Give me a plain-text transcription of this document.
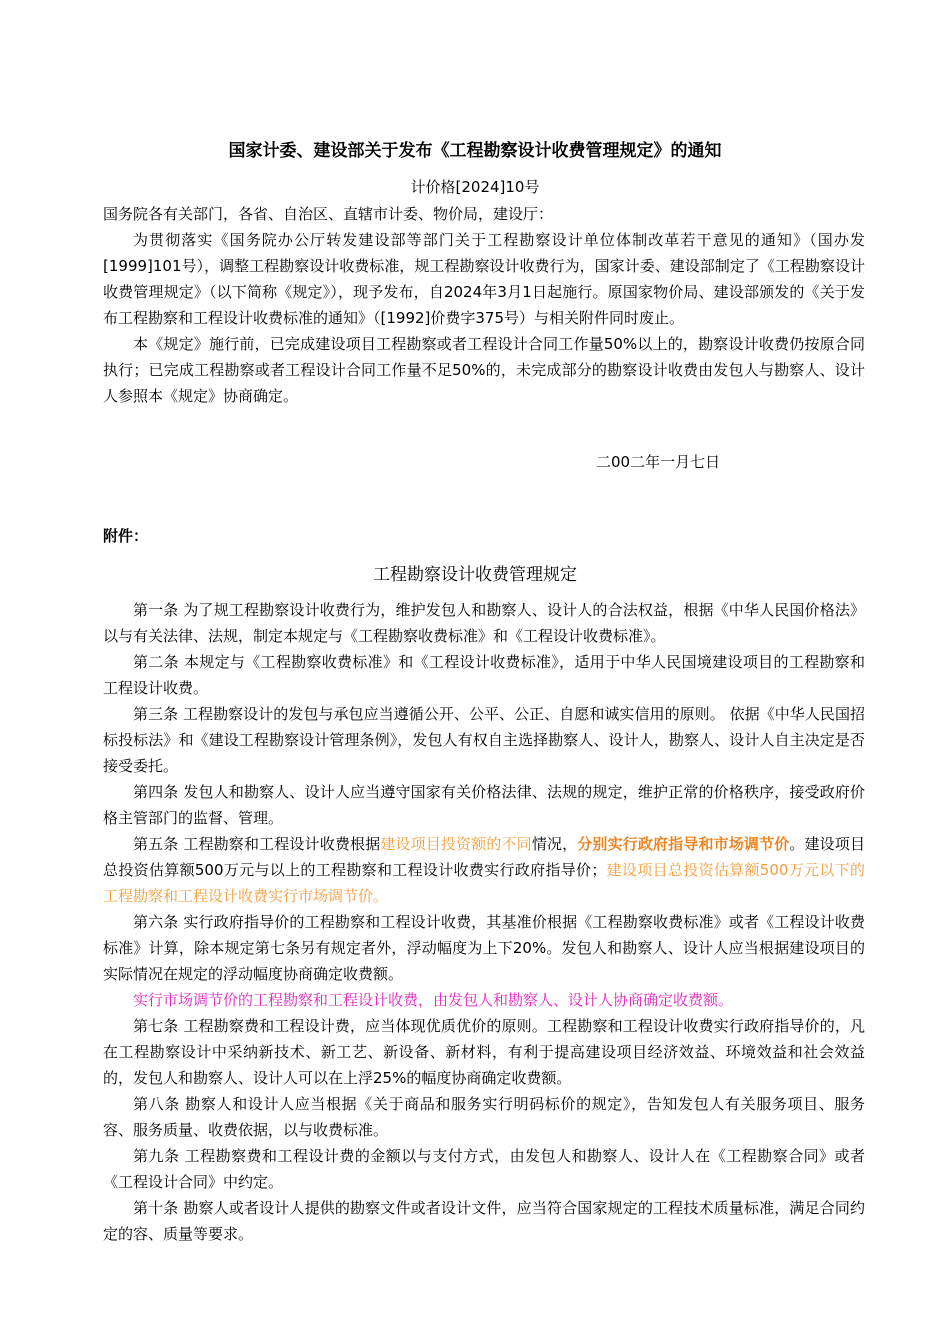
国家计委、建设部关于发布《工程勘察设计收费管理规定》的通知
计价格[2024]10号

国务院各有关部门，各省、自治区、直辖市计委、物价局，建设厅：

为贯彻落实《国务院办公厅转发建设部等部门关于工程勘察设计单位体制改革若干意见的通知》（国办发[1999]101号），调整工程勘察设计收费标准，规工程勘察设计收费行为，国家计委、建设部制定了《工程勘察设计收费管理规定》（以下简称《规定》），现予发布，自2024年3月1日起施行。原国家物价局、建设部颁发的《关于发布工程勘察和工程设计收费标准的通知》（[1992]价费字375号）与相关附件同时废止。

本《规定》施行前，已完成建设项目工程勘察或者工程设计合同工作量50%以上的，勘察设计收费仍按原合同执行；已完成工程勘察或者工程设计合同工作量不足50%的，未完成部分的勘察设计收费由发包人与勘察人、设计人参照本《规定》协商确定。

二00二年一月七日
附件：
工程勘察设计收费管理规定

第一条 为了规工程勘察设计收费行为，维护发包人和勘察人、设计人的合法权益，根据《中华人民国价格法》以与有关法律、法规，制定本规定与《工程勘察收费标准》和《工程设计收费标准》。

第二条 本规定与《工程勘察收费标准》和《工程设计收费标准》，适用于中华人民国境建设项目的工程勘察和工程设计收费。

第三条 工程勘察设计的发包与承包应当遵循公开、公平、公正、自愿和诚实信用的原则。 依据《中华人民国招标投标法》和《建设工程勘察设计管理条例》，发包人有权自主选择勘察人、设计人，勘察人、设计人自主决定是否接受委托。

第四条 发包人和勘察人、设计人应当遵守国家有关价格法律、法规的规定，维护正常的价格秩序，接受政府价格主管部门的监督、管理。

第五条 工程勘察和工程设计收费根据建设项目投资额的不同情况，分别实行政府指导和市场调节价。建设项目总投资估算额500万元与以上的工程勘察和工程设计收费实行政府指导价；建设项目总投资估算额500万元以下的工程勘察和工程设计收费实行市场调节价。

第六条 实行政府指导价的工程勘察和工程设计收费，其基准价根据《工程勘察收费标准》或者《工程设计收费标准》计算，除本规定第七条另有规定者外，浮动幅度为上下20%。发包人和勘察人、设计人应当根据建设项目的实际情况在规定的浮动幅度协商确定收费额。

实行市场调节价的工程勘察和工程设计收费，由发包人和勘察人、设计人协商确定收费额。

第七条 工程勘察费和工程设计费，应当体现优质优价的原则。工程勘察和工程设计收费实行政府指导价的，凡在工程勘察设计中采纳新技术、新工艺、新设备、新材料，有利于提高建设项目经济效益、环境效益和社会效益的，发包人和勘察人、设计人可以在上浮25%的幅度协商确定收费额。

第八条 勘察人和设计人应当根据《关于商品和服务实行明码标价的规定》，告知发包人有关服务项目、服务容、服务质量、收费依据，以与收费标准。

第九条 工程勘察费和工程设计费的金额以与支付方式，由发包人和勘察人、设计人在《工程勘察合同》或者《工程设计合同》中约定。

第十条 勘察人或者设计人提供的勘察文件或者设计文件，应当符合国家规定的工程技术质量标准，满足合同约定的容、质量等要求。
